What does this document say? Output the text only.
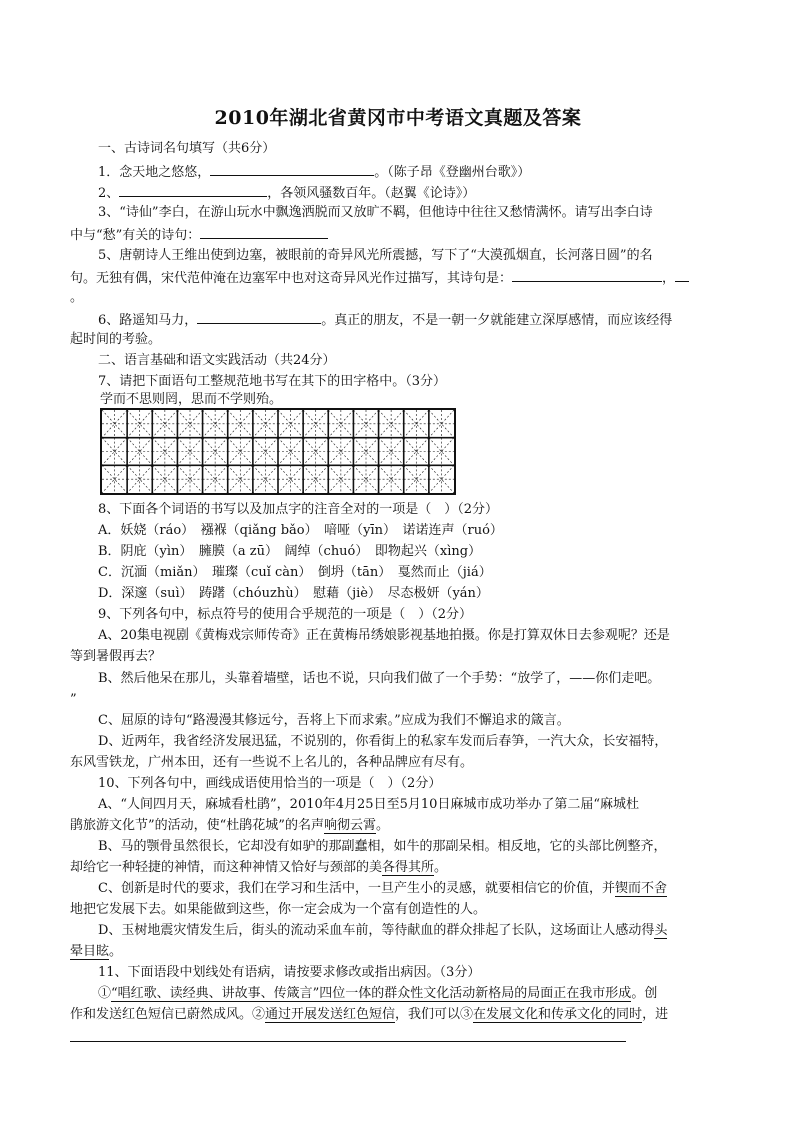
2010年湖北省黄冈市中考语文真题及答案
一、古诗词名句填写（共6分）
1．念天地之悠悠，	。（陈子昂《登幽州台歌》）
2、	，各领风骚数百年。（赵翼《论诗》）
3、“诗仙”李白，在游山玩水中飘逸洒脱而又放旷不羁，但他诗中往往又愁情满怀。请写出李白诗
中与“愁”有关的诗句：
5、唐朝诗人王维出使到边塞，被眼前的奇异风光所震撼，写下了“大漠孤烟直，长河落日圆”的名
句。无独有偶，宋代范仲淹在边塞军中也对这奇异风光作过描写，其诗句是：	，
。
6、路遥知马力，	。真正的朋友，不是一朝一夕就能建立深厚感情，而应该经得
起时间的考验。
二、语言基础和语文实践活动（共24分）
7、请把下面语句工整规范地书写在其下的田字格中。（3分）
学而不思则罔，思而不学则殆。
8、下面各个词语的书写以及加点字的注音全对的一项是（　）（2分）
A．妖娆（ráo）　襁褓（qiǎng bǎo）　喑哑（yīn）　诺诺连声（ruó）
B．阴庇（yìn）　臃膜（a zū）　阔绰（chuó）　即物起兴（xìng）
C．沉湎（miǎn）　璀璨（cuǐ càn）　倒坍（tān）　戛然而止（jiá）
D．深邃（suì）　踌躇（chóuzhù）　慰藉（jiè）　尽态极妍（yán）
9、下列各句中，标点符号的使用合乎规范的一项是（　）（2分）
A、20集电视剧《黄梅戏宗师传奇》正在黄梅吊绣娘影视基地拍摄。你是打算双休日去参观呢？还是
等到暑假再去？
B、然后他呆在那儿，头靠着墙壁，话也不说，只向我们做了一个手势：“放学了，——你们走吧。
”
C、屈原的诗句“路漫漫其修远兮，吾将上下而求索。”应成为我们不懈追求的箴言。
D、近两年，我省经济发展迅猛，不说别的，你看街上的私家车发而后春笋，一汽大众，长安福特，
东风雪铁龙，广州本田，还有一些说不上名儿的，各种品牌应有尽有。
10、下列各句中，画线成语使用恰当的一项是（　）（2分）
A、“人间四月天，麻城看杜鹃”，2010年4月25日至5月10日麻城市成功举办了第二届“麻城杜
鹃旅游文化节”的活动，使“杜鹃花城”的名声响彻云霄。
B、马的颚骨虽然很长，它却没有如驴的那副蠢相，如牛的那副呆相。相反地，它的头部比例整齐，
却给它一种轻捷的神情，而这种神情又恰好与颈部的美各得其所。
C、创新是时代的要求，我们在学习和生活中，一旦产生小的灵感，就要相信它的价值，并锲而不舍
地把它发展下去。如果能做到这些，你一定会成为一个富有创造性的人。
D、玉树地震灾情发生后，街头的流动采血车前，等待献血的群众排起了长队，这场面让人感动得头
晕目眩。
11、下面语段中划线处有语病，请按要求修改或指出病因。（3分）
①“唱红歌、读经典、讲故事、传箴言”四位一体的群众性文化活动新格局的局面正在我市形成。创
作和发送红色短信已蔚然成风。②通过开展发送红色短信，我们可以③在发展文化和传承文化的同时，进
